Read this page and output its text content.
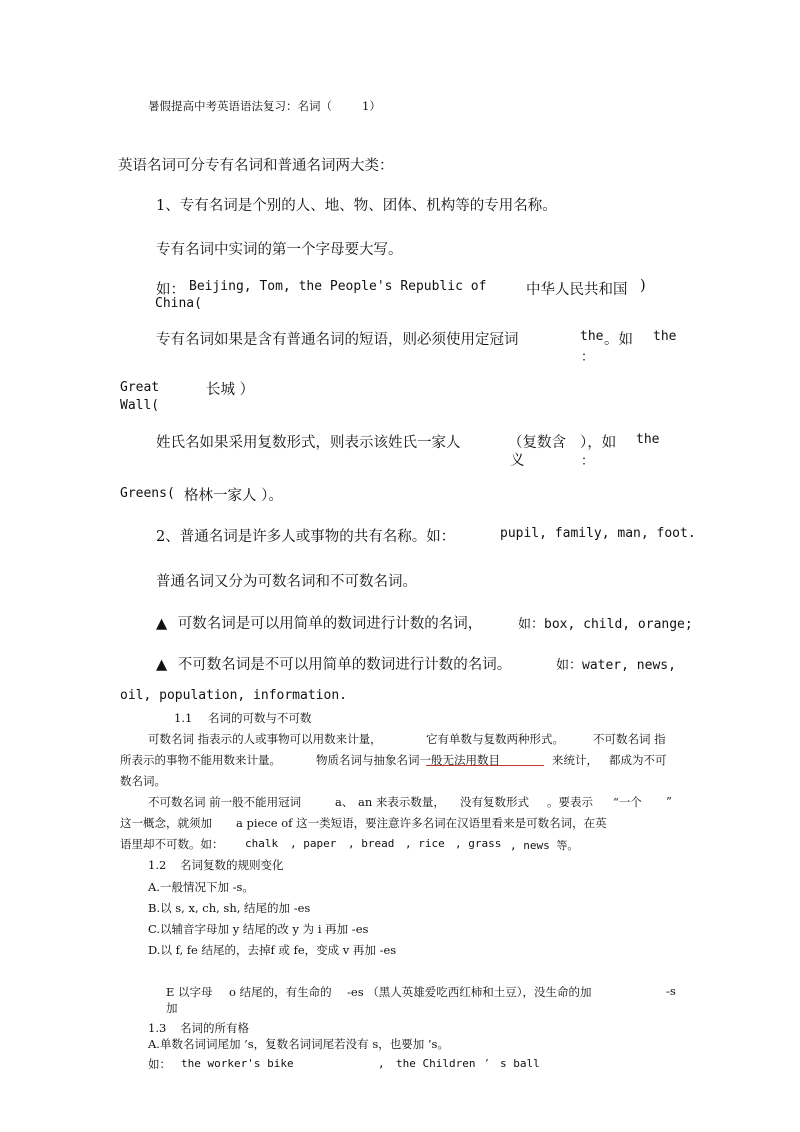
暑假提高中考英语语法复习：名词（	1）
英语名词可分专有名词和普通名词两大类：
1、专有名词是个别的人、地、物、团体、机构等的专用名称。
专有名词中实词的第一个字母要大写。
如： Beijing, Tom, the People's Republic of
China(
中华人民共和国 )
专有名词如果是含有普通名词的短语，则必须使用定冠词	the 。如
：
the
Great
Wall(
长城 ）
姓氏名如果采用复数形式，则表示该姓氏一家人	（复数含
义
），如
：
the
Greens( 格林一家人 ）。
2、普通名词是许多人或事物的共有名称。如：	pupil, family, man, foot.
普通名词又分为可数名词和不可数名词。
▲ 可数名词是可以用简单的数词进行计数的名词，	如：box, child, orange;
▲ 不可数名词是不可以用简单的数词进行计数的名词。	如：water, news,
oil, population, information.
1.1 名词的可数与不可数
可数名词 指表示的人或事物可以用数来计量，	它有单数与复数两种形式。	不可数名词 指
所表示的事物不能用数来计量。	物质名词与抽象名词一般无法用数目	来统计， 都成为不可
数名词。
不可数名词 前一般不能用冠词	a、 an 来表示数量， 没有复数形式 。要表示 “一个 ”
这一概念，就须加 a piece of 这一类短语，要注意许多名词在汉语里看来是可数名词，在英
语里却不可数。如： chalk , paper , bread , rice , grass , news 等。
1.2 名词复数的规则变化
A.一般情况下加 -s。
B.以 s, x, ch, sh, 结尾的加 -es
C.以辅音字母加 y 结尾的改 y 为 i 再加 -es
D.以 f, fe 结尾的，去掉f 或 fe，变成 v 再加 -es
E 以字母 o 结尾的，有生命的 -es （黑人英雄爱吃西红柿和土豆），没生命的加	-s
加
1.3 名词的所有格
A.单数名词词尾加 ’s，复数名词词尾若没有 s，也要加 ’s。
如： the worker's bike	, the Children ’ s ball
